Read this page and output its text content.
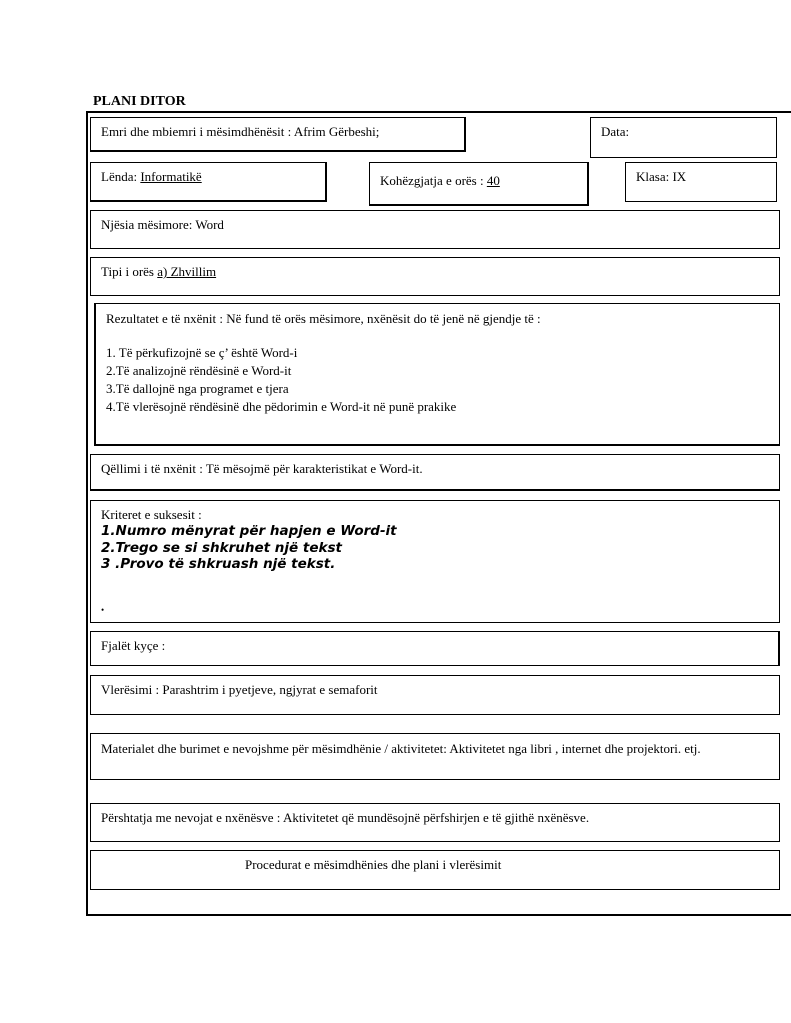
PLANI DITOR
Emri dhe mbiemri i mësimdhënësit : Afrim Gërbeshi;	Data:
Lënda: Informatikë	Kohëzgjatja e orës : 40	Klasa: IX
Njësia mësimore: Word
Tipi i orës a) Zhvillim
Rezultatet e të nxënit : Në fund të orës mësimore, nxënësit do të jenë në gjendje të :
1. Të përkufizojnë se ç’ është Word-i
2.Të analizojnë rëndësinë e Word-it
3.Të dallojnë nga programet e tjera
4.Të vlerësojnë rëndësinë dhe pëdorimin e Word-it në punë prakike
Qëllimi i të nxënit : Të mësojmë për karakteristikat e Word-it.
Kriteret e suksesit :
1.Numro mënyrat për hapjen e Word-it
2.Trego se si shkruhet një tekst
3 .Provo të shkruash një tekst.
•
Fjalët kyçe :
Vlerësimi : Parashtrim i pyetjeve, ngjyrat e semaforit
Materialet dhe burimet e nevojshme për mësimdhënie / aktivitetet: Aktivitetet nga libri , internet dhe projektori. etj.
Përshtatja me nevojat e nxënësve : Aktivitetet që mundësojnë përfshirjen e të gjithë nxënësve.
Procedurat e mësimdhënies dhe plani i vlerësimit
